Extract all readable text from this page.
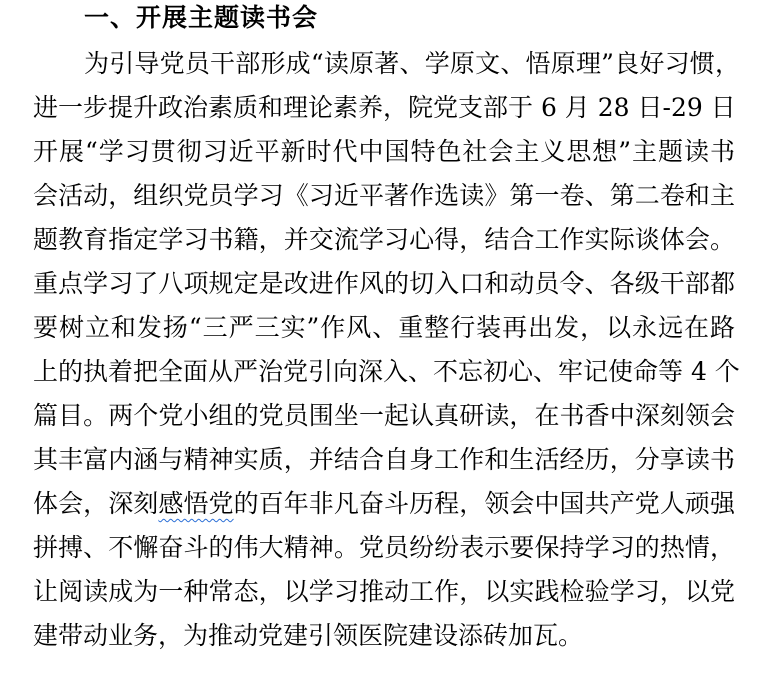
一、开展主题读书会
为引导党员干部形成“读原著、学原文、悟原理”良好习惯，
进一步提升政治素质和理论素养，院党支部于 6 月 28 日-29 日
开展“学习贯彻习近平新时代中国特色社会主义思想”主题读书
会活动，组织党员学习《习近平著作选读》第一卷、第二卷和主
题教育指定学习书籍，并交流学习心得，结合工作实际谈体会。
重点学习了八项规定是改进作风的切入口和动员令、各级干部都
要树立和发扬“三严三实”作风、重整行装再出发，以永远在路
上的执着把全面从严治党引向深入、不忘初心、牢记使命等 4 个
篇目。两个党小组的党员围坐一起认真研读，在书香中深刻领会
其丰富内涵与精神实质，并结合自身工作和生活经历，分享读书
体会，深刻感悟党的百年非凡奋斗历程，领会中国共产党人顽强
拼搏、不懈奋斗的伟大精神。党员纷纷表示要保持学习的热情，
让阅读成为一种常态，以学习推动工作，以实践检验学习，以党
建带动业务，为推动党建引领医院建设添砖加瓦。
